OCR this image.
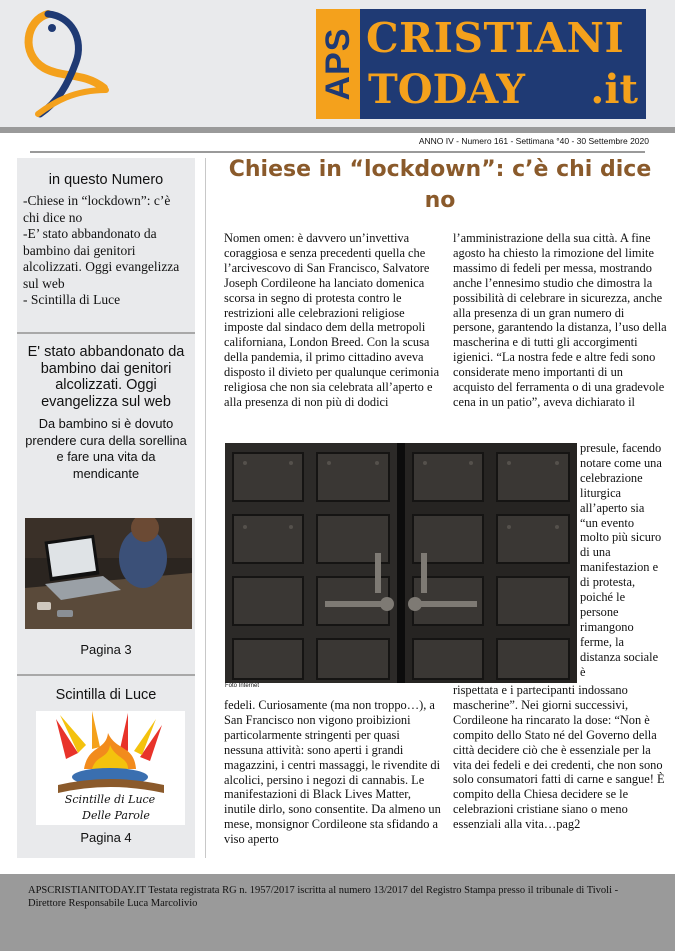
APS CRISTIANI
TODAY .it
ANNO IV - Numero 161 - Settimana °40 - 30 Settembre 2020
in questo Numero
-Chiese in “lockdown”: c’è chi dice no
-E’ stato abbandonato da bambino dai genitori alcolizzati. Oggi evangelizza sul web
- Scintilla di Luce
E' stato abbandonato da bambino dai genitori alcolizzati. Oggi evangelizza sul web
Da bambino si è dovuto prendere cura della sorellina e fare una vita da mendicante
Pagina 3
Scintilla di Luce
Scintille di Luce
Delle Parole
Pagina 4
Chiese in “lockdown”: c’è chi dice no

Nomen omen: è davvero un’invettiva coraggiosa e senza precedenti quella che l’arcivescovo di San Francisco, Salvatore Joseph Cordileone ha lanciato domenica scorsa in segno di protesta contro le restrizioni alle celebrazioni religiose imposte dal sindaco dem della metropoli californiana, London Breed. Con la scusa della pandemia, il primo cittadino aveva disposto il divieto per qualunque cerimonia religiosa che non sia celebrata all’aperto e alla presenza di non più di dodici

l’amministrazione della sua città. A fine agosto ha chiesto la rimozione del limite massimo di fedeli per messa, mostrando anche l’ennesimo studio che dimostra la possibilità di celebrare in sicurezza, anche alla presenza di un gran numero di persone, garantendo la distanza, l’uso della mascherina e di tutti gli accorgimenti igienici. “La nostra fede e altre fedi sono considerate meno importanti di un acquisto del ferramenta o di una gradevole cena in un patio”, aveva dichiarato il

Foto Internet

presule, facendo notare come una celebrazione liturgica all’aperto sia “un evento molto più sicuro di una manifestazion e di protesta, poiché le persone rimangono ferme, la distanza sociale è

fedeli. Curiosamente (ma non troppo…), a San Francisco non vigono proibizioni particolarmente stringenti per quasi nessuna attività: sono aperti i grandi magazzini, i centri massaggi, le rivendite di alcolici, persino i negozi di cannabis. Le manifestazioni di Black Lives Matter, inutile dirlo, sono consentite. Da almeno un mese, monsignor Cordileone sta sfidando a viso aperto

rispettata e i partecipanti indossano mascherine”. Nei giorni successivi, Cordileone ha rincarato la dose: “Non è compito dello Stato né del Governo della città decidere ciò che è essenziale per la vita dei fedeli e dei credenti, che non sono solo consumatori fatti di carne e sangue! È compito della Chiesa decidere se le celebrazioni cristiane siano o meno essenziali alla vita…pag2

APSCRISTIANITODAY.IT Testata registrata RG n. 1957/2017 iscritta al numero 13/2017 del Registro Stampa presso il tribunale di Tivoli - Direttore Responsabile Luca Marcolivio
